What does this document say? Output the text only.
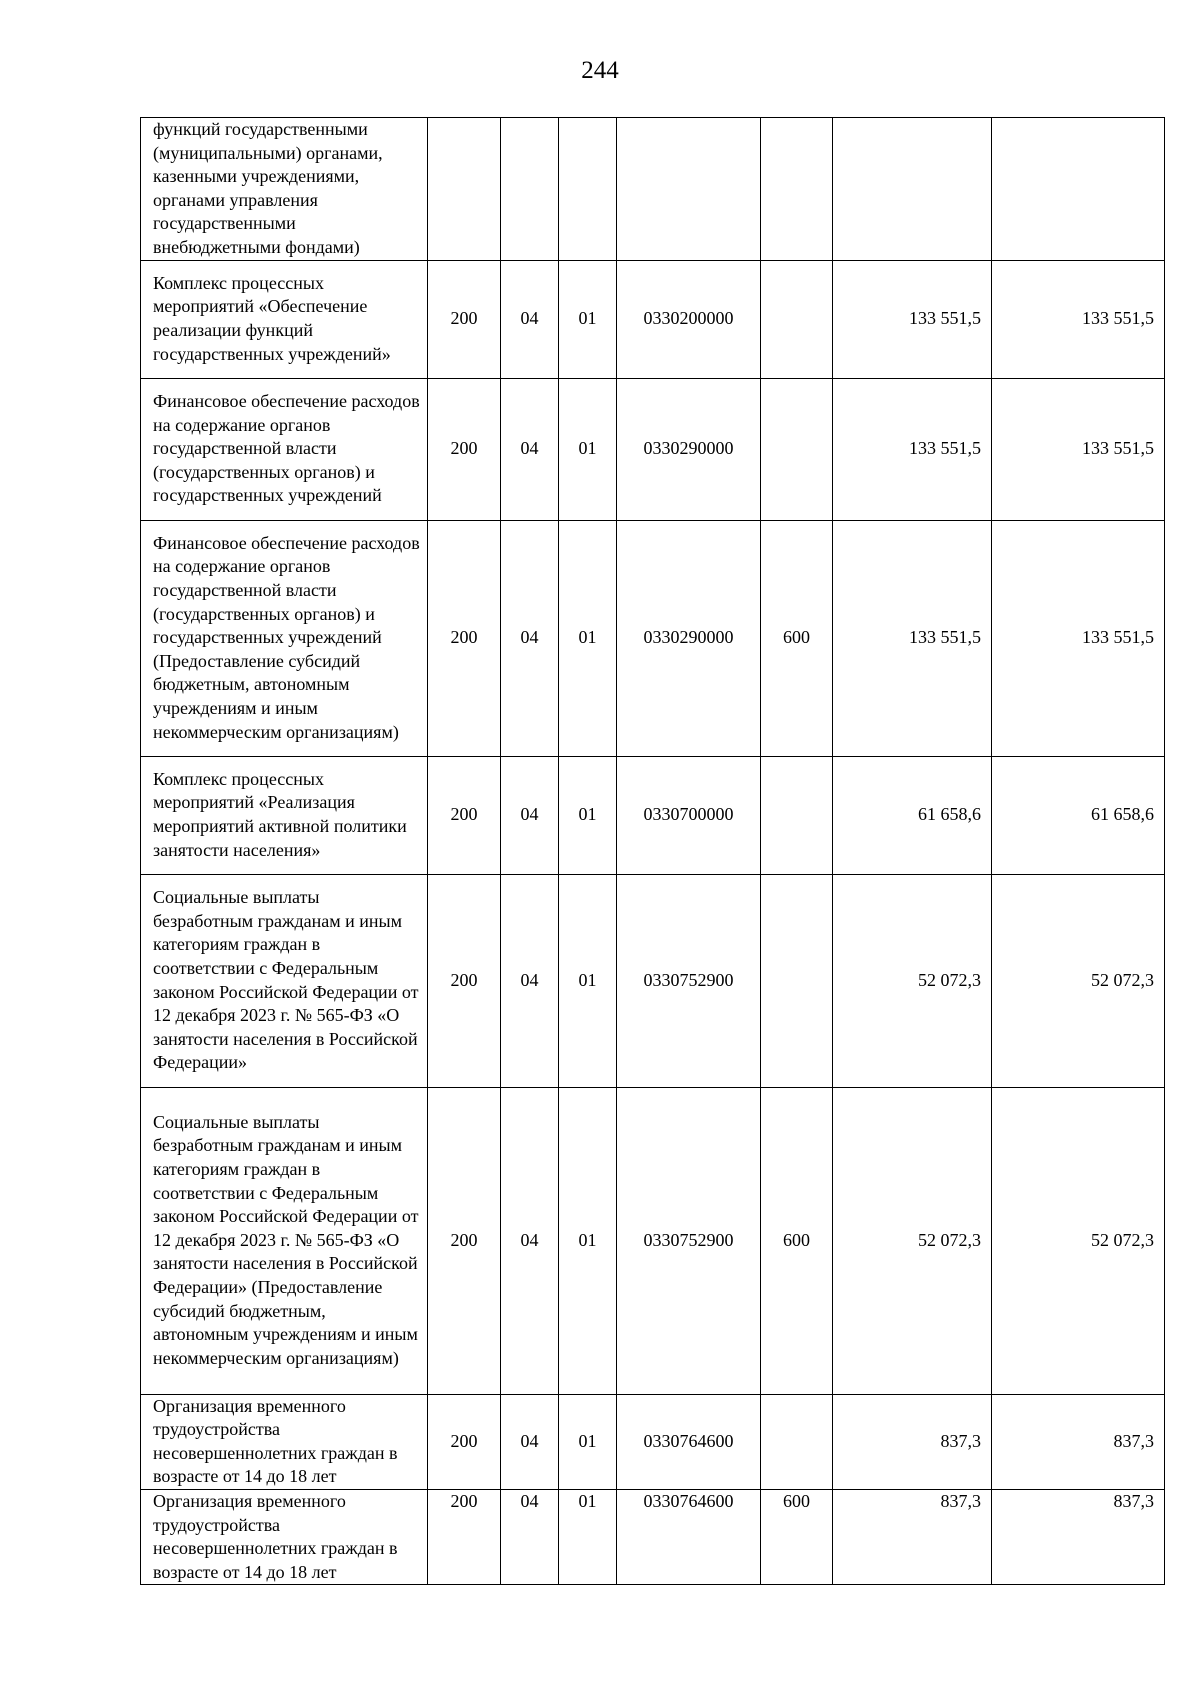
244
функций государственными (муниципальными) органами, казенными учреждениями, органами управления государственными внебюджетными фондами)							
Комплекс процессных мероприятий «Обеспечение реализации функций государственных учреждений»	200	04	01	0330200000		133 551,5	133 551,5
Финансовое обеспечение расходов на содержание органов государственной власти (государственных органов) и государственных учреждений	200	04	01	0330290000		133 551,5	133 551,5
Финансовое обеспечение расходов на содержание органов государственной власти (государственных органов) и государственных учреждений (Предоставление субсидий бюджетным, автономным учреждениям и иным некоммерческим организациям)	200	04	01	0330290000	600	133 551,5	133 551,5
Комплекс процессных мероприятий «Реализация мероприятий активной политики занятости населения»	200	04	01	0330700000		61 658,6	61 658,6
Социальные выплаты безработным гражданам и иным категориям граждан в соответствии с Федеральным законом Российской Федерации от 12 декабря 2023 г. № 565-ФЗ «О занятости населения в Российской Федерации»	200	04	01	0330752900		52 072,3	52 072,3
Социальные выплаты безработным гражданам и иным категориям граждан в соответствии с Федеральным законом Российской Федерации от 12 декабря 2023 г. № 565-ФЗ «О занятости населения в Российской Федерации» (Предоставление субсидий бюджетным, автономным учреждениям и иным некоммерческим организациям)	200	04	01	0330752900	600	52 072,3	52 072,3
Организация временного трудоустройства несовершеннолетних граждан в возрасте от 14 до 18 лет	200	04	01	0330764600		837,3	837,3
Организация временного трудоустройства несовершеннолетних граждан в возрасте от 14 до 18 лет	200	04	01	0330764600	600	837,3	837,3
